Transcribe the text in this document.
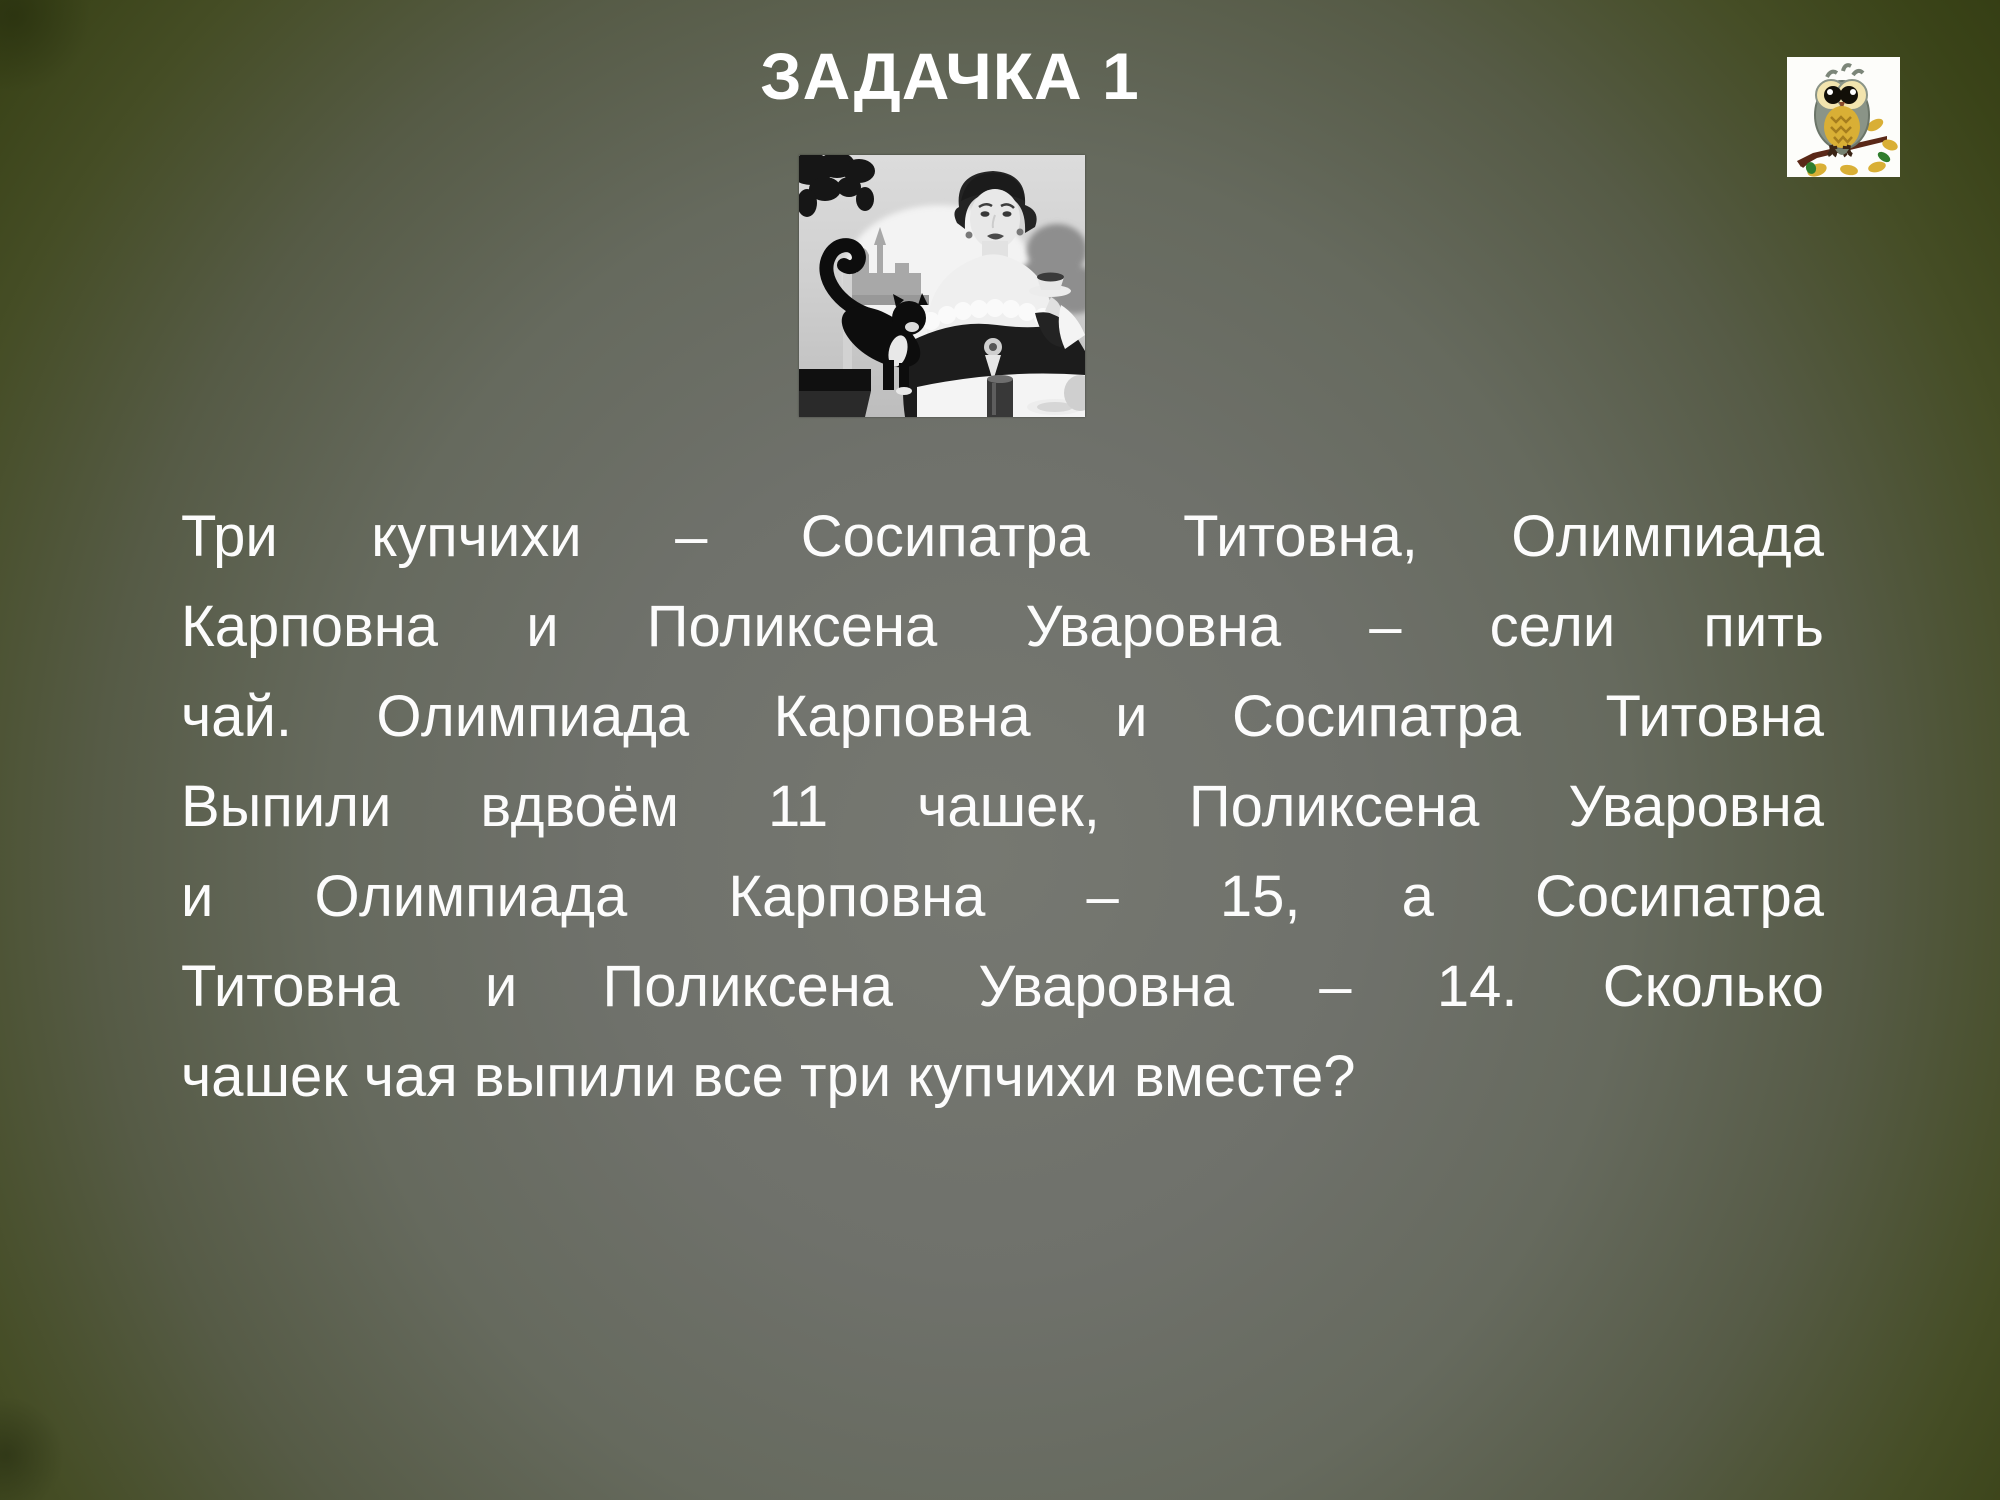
ЗАДАЧКА 1
Три купчихи – Сосипатра Титовна, Олимпиада
Карповна и Поликсена Уваровна – сели пить
чай. Олимпиада Карповна и Сосипатра Титовна
Выпили вдвоём 11 чашек, Поликсена Уваровна
и Олимпиада Карповна – 15, а Сосипатра
Титовна и Поликсена Уваровна – 14. Сколько
чашек чая выпили все три купчихи вместе?
